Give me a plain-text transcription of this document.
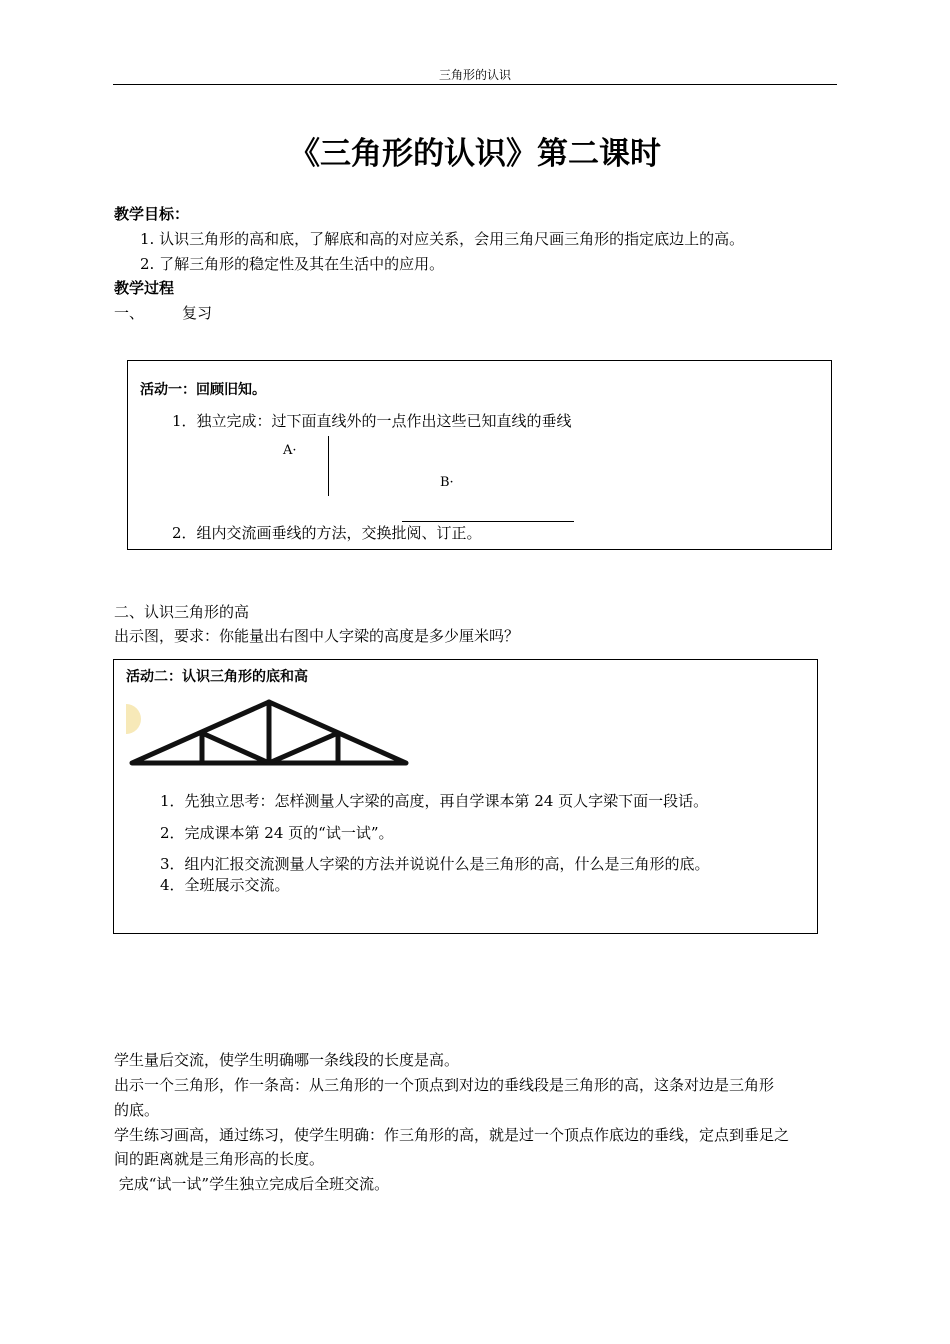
三角形的认识
《三角形的认识》第二课时
教学目标：
1. 认识三角形的高和底，了解底和高的对应关系，会用三角尺画三角形的指定底边上的高。
2. 了解三角形的稳定性及其在生活中的应用。
教学过程
一、	复习
活动一：回顾旧知。
1．独立完成：过下面直线外的一点作出这些已知直线的垂线
A·
B·
2．组内交流画垂线的方法，交换批阅、订正。
二、认识三角形的高
出示图，要求：你能量出右图中人字梁的高度是多少厘米吗？
活动二：认识三角形的底和高
1．先独立思考：怎样测量人字梁的高度，再自学课本第 24 页人字梁下面一段话。
2．完成课本第 24 页的“试一试”。
3．组内汇报交流测量人字梁的方法并说说什么是三角形的高，什么是三角形的底。
4．全班展示交流。
学生量后交流，使学生明确哪一条线段的长度是高。
出示一个三角形，作一条高：从三角形的一个顶点到对边的垂线段是三角形的高，这条对边是三角形
的底。
学生练习画高，通过练习，使学生明确：作三角形的高，就是过一个顶点作底边的垂线，定点到垂足之
间的距离就是三角形高的长度。
完成“试一试”学生独立完成后全班交流。
